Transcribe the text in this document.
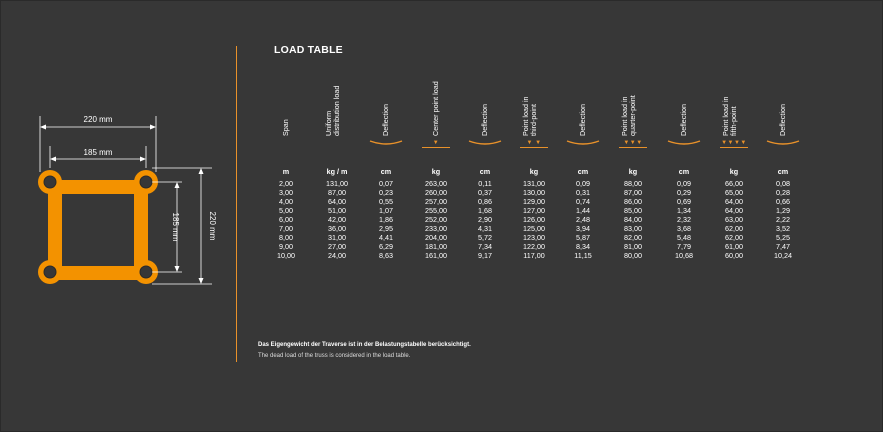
220 mm
185 mm
185 mm	220 mm
LOAD TABLE
Span
m
2,00
3,00
4,00
5,00
6,00
7,00
8,00
9,00
10,00
Uniform
distribution load
kg / m
131,00
87,00
64,00
51,00
42,00
36,00
31,00
27,00
24,00
Deflection
cm
0,07
0,23
0,55
1,07
1,86
2,95
4,41
6,29
8,63
Center point load
▼
kg
263,00
260,00
257,00
255,00
252,00
233,00
204,00
181,00
161,00
Deflection
cm
0,11
0,37
0,86
1,68
2,90
4,31
5,72
7,34
9,17
Point load in
third-point
▼ ▼
kg
131,00
130,00
129,00
127,00
126,00
125,00
123,00
122,00
117,00
Deflection
cm
0,09
0,31
0,74
1,44
2,48
3,94
5,87
8,34
11,15
Point load in
quarter-point
▼▼▼
kg
88,00
87,00
86,00
85,00
84,00
83,00
82,00
81,00
80,00
Deflection
cm
0,09
0,29
0,69
1,34
2,32
3,68
5,48
7,79
10,68
Point load in
fifth-point
▼▼▼▼
kg
66,00
65,00
64,00
64,00
63,00
62,00
62,00
61,00
60,00
Deflection
cm
0,08
0,28
0,66
1,29
2,22
3,52
5,25
7,47
10,24
Das Eigengewicht der Traverse ist in der Belastungstabelle berücksichtigt.
The dead load of the truss is considered in the load table.
